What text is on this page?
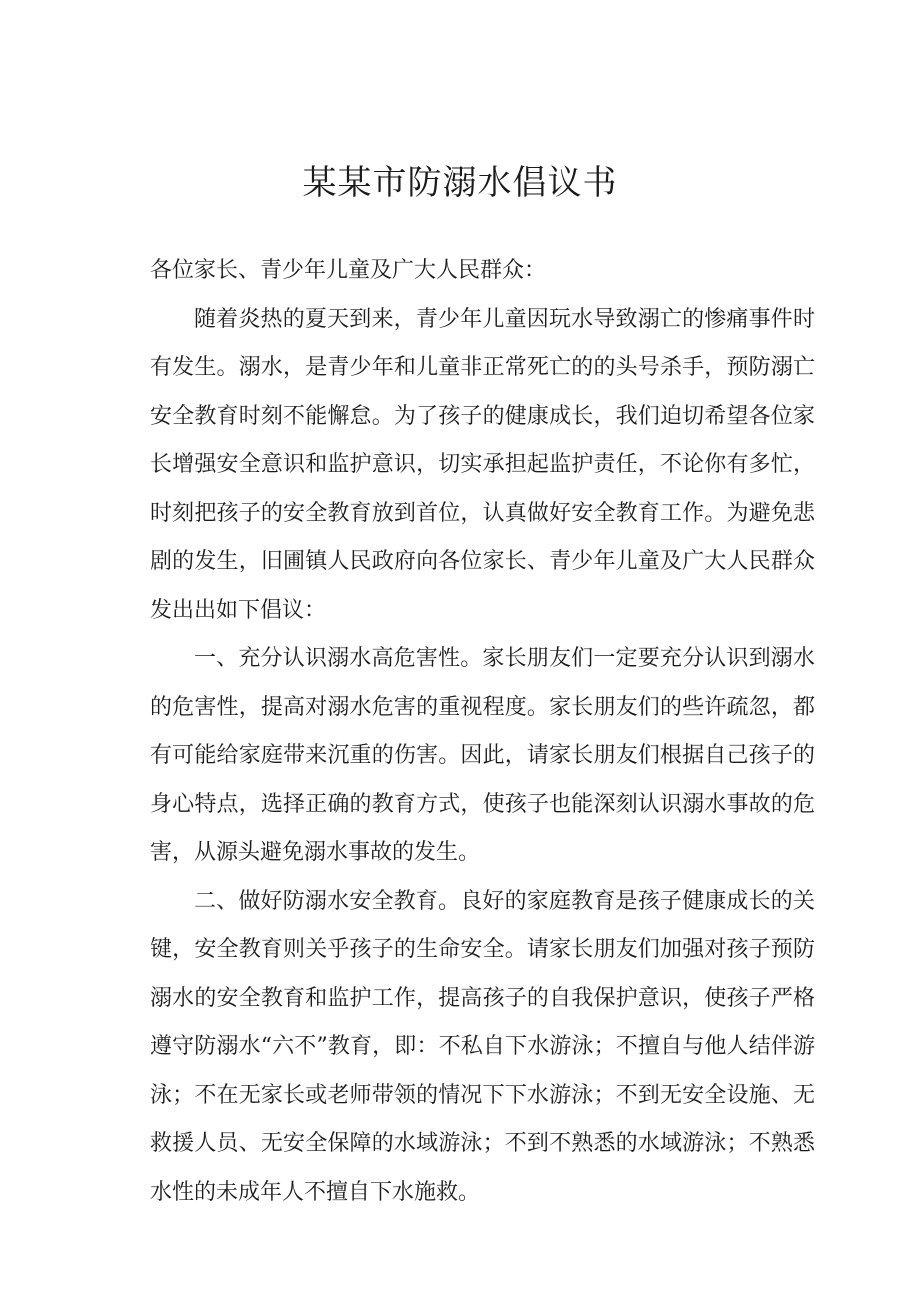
某某市防溺水倡议书

各位家长、青少年儿童及广大人民群众：

随着炎热的夏天到来，青少年儿童因玩水导致溺亡的惨痛事件时有发生。溺水，是青少年和儿童非正常死亡的的头号杀手，预防溺亡安全教育时刻不能懈怠。为了孩子的健康成长，我们迫切希望各位家长增强安全意识和监护意识，切实承担起监护责任，不论你有多忙，时刻把孩子的安全教育放到首位，认真做好安全教育工作。为避免悲剧的发生，旧圃镇人民政府向各位家长、青少年儿童及广大人民群众发出出如下倡议：

一、充分认识溺水高危害性。家长朋友们一定要充分认识到溺水的危害性，提高对溺水危害的重视程度。家长朋友们的些许疏忽，都有可能给家庭带来沉重的伤害。因此，请家长朋友们根据自己孩子的身心特点，选择正确的教育方式，使孩子也能深刻认识溺水事故的危害，从源头避免溺水事故的发生。

二、做好防溺水安全教育。良好的家庭教育是孩子健康成长的关键，安全教育则关乎孩子的生命安全。请家长朋友们加强对孩子预防溺水的安全教育和监护工作，提高孩子的自我保护意识，使孩子严格遵守防溺水“六不”教育，即：不私自下水游泳；不擅自与他人结伴游泳；不在无家长或老师带领的情况下下水游泳；不到无安全设施、无救援人员、无安全保障的水域游泳；不到不熟悉的水域游泳；不熟悉水性的未成年人不擅自下水施救。
